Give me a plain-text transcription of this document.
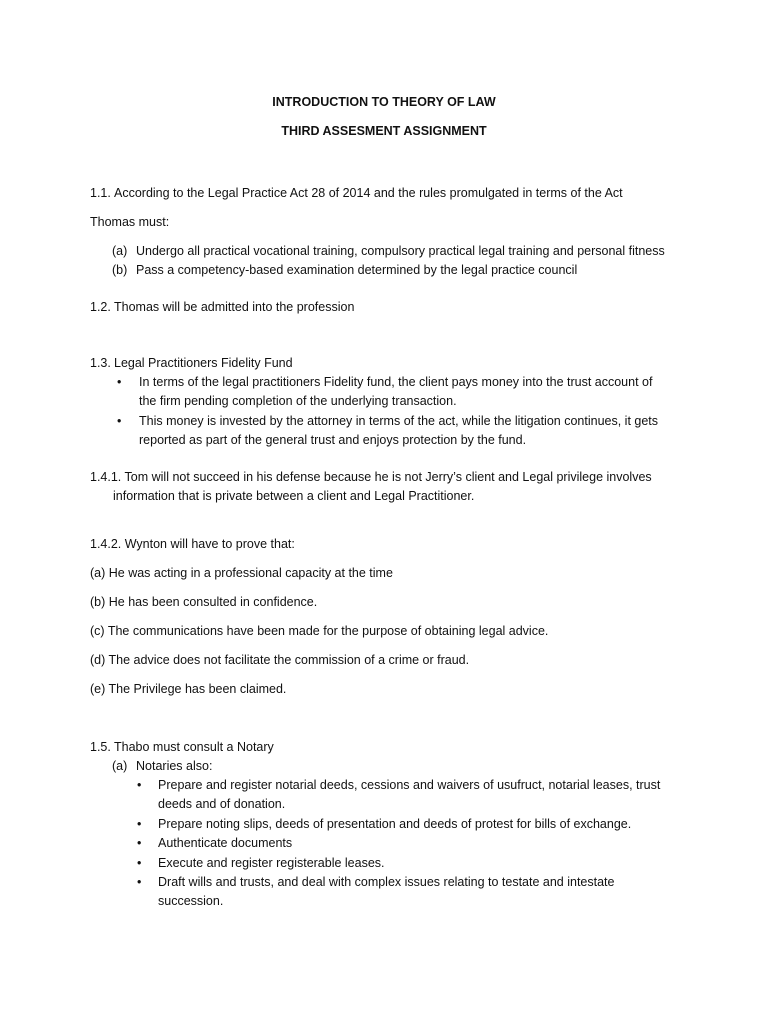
INTRODUCTION TO THEORY OF LAW
THIRD ASSESMENT ASSIGNMENT
1.1. According to the Legal Practice Act 28 of 2014 and the rules promulgated in terms of the Act
Thomas must:
(a) Undergo all practical vocational training, compulsory practical legal training and personal fitness
(b) Pass a competency-based examination determined by the legal practice council
1.2. Thomas will be admitted into the profession
1.3. Legal Practitioners Fidelity Fund
• In terms of the legal practitioners Fidelity fund, the client pays money into the trust account of
the firm pending completion of the underlying transaction.
• This money is invested by the attorney in terms of the act, while the litigation continues, it gets
reported as part of the general trust and enjoys protection by the fund.
1.4.1. Tom will not succeed in his defense because he is not Jerry’s client and Legal privilege involves
information that is private between a client and Legal Practitioner.
1.4.2. Wynton will have to prove that:
(a) He was acting in a professional capacity at the time
(b) He has been consulted in confidence.
(c) The communications have been made for the purpose of obtaining legal advice.
(d) The advice does not facilitate the commission of a crime or fraud.
(e) The Privilege has been claimed.
1.5. Thabo must consult a Notary
(a) Notaries also:
• Prepare and register notarial deeds, cessions and waivers of usufruct, notarial leases, trust
deeds and of donation.
• Prepare noting slips, deeds of presentation and deeds of protest for bills of exchange.
• Authenticate documents
• Execute and register registerable leases.
• Draft wills and trusts, and deal with complex issues relating to testate and intestate
succession.
